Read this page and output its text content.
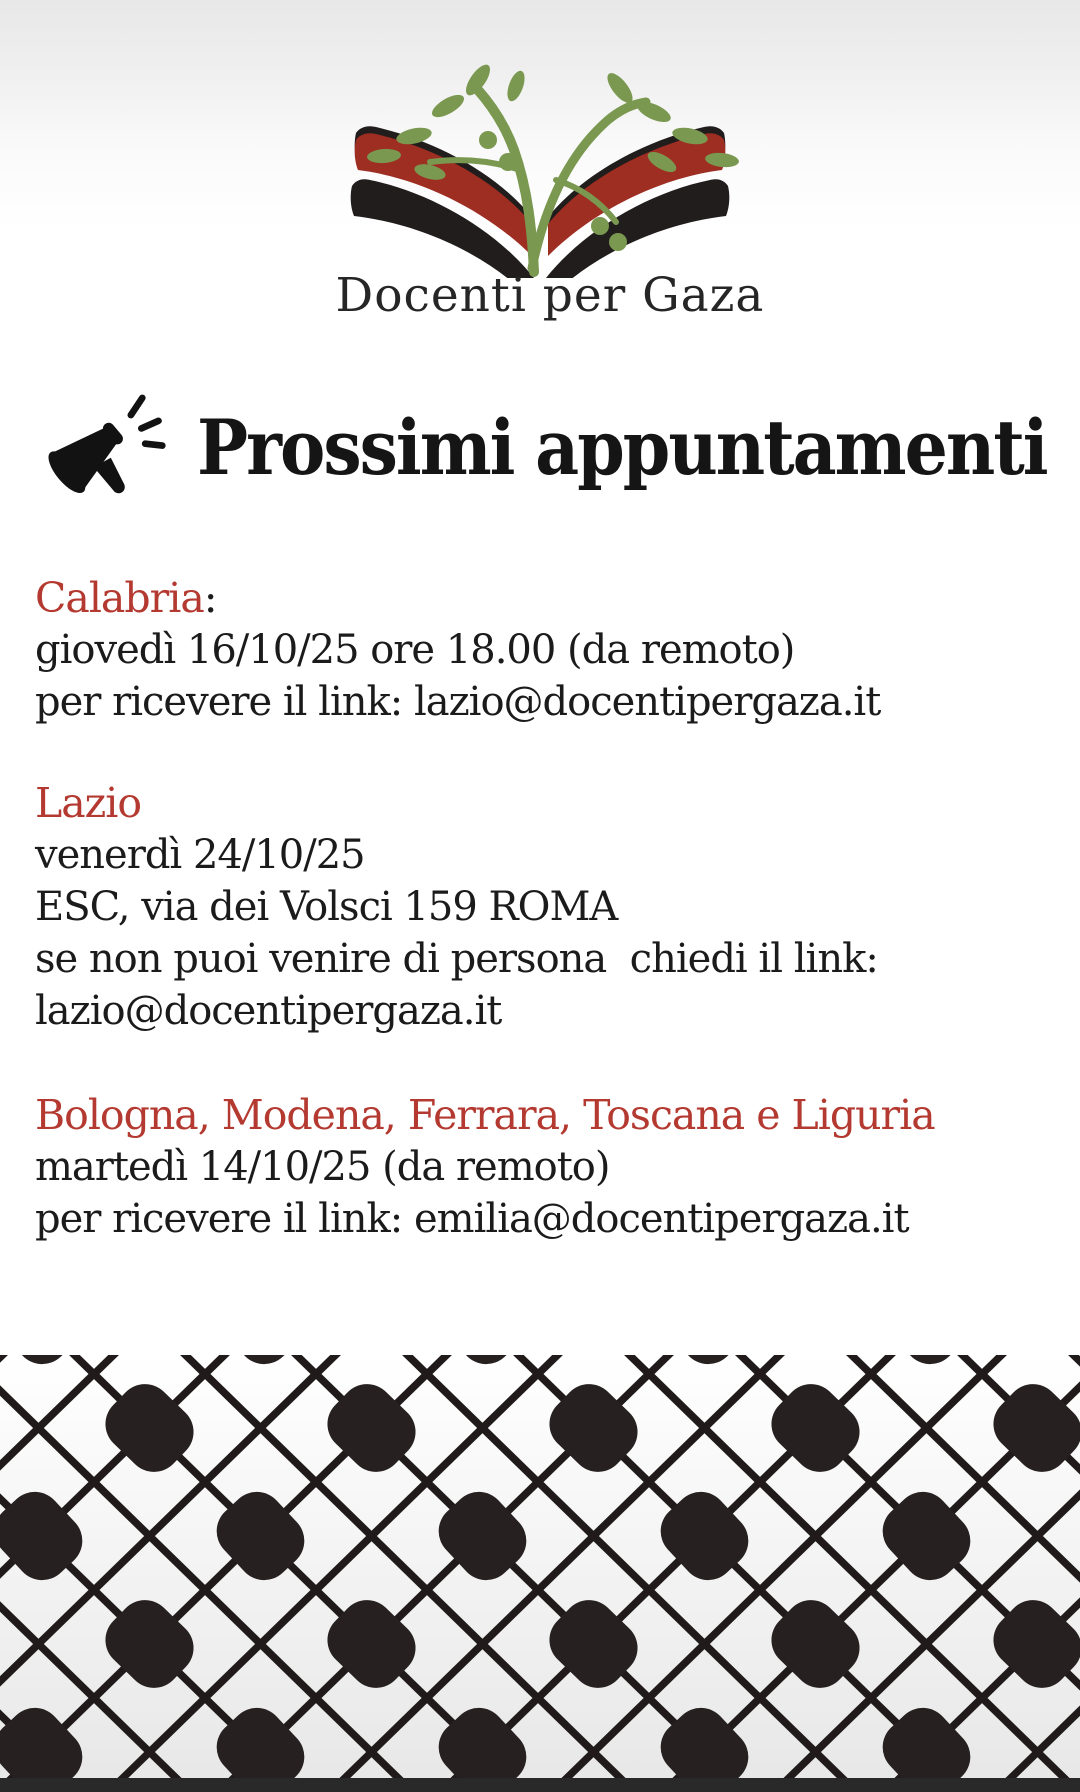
Docenti per Gaza
Prossimi appuntamenti
Calabria:
giovedì 16/10/25 ore 18.00 (da remoto)
per ricevere il link: lazio@docentipergaza.it
Lazio
venerdì 24/10/25
ESC, via dei Volsci 159 ROMA
se non puoi venire di persona  chiedi il link:
lazio@docentipergaza.it
Bologna, Modena, Ferrara, Toscana e Liguria
martedì 14/10/25 (da remoto)
per ricevere il link: emilia@docentipergaza.it
